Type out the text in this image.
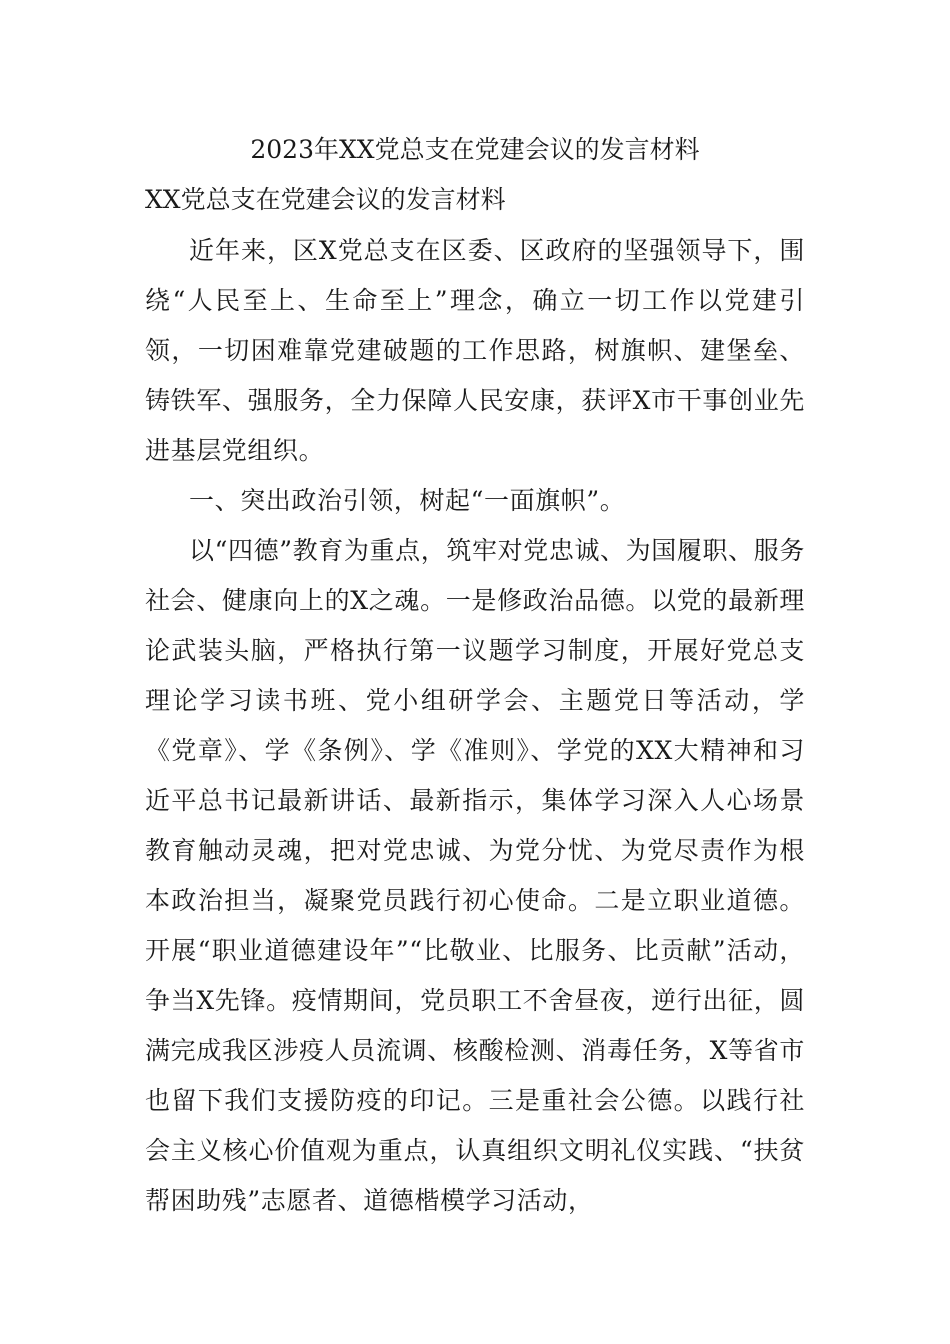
2023年XX党总支在党建会议的发言材料
XX党总支在党建会议的发言材料

近年来，区X党总支在区委、区政府的坚强领导下，围绕“人民至上、生命至上”理念，确立一切工作以党建引领，一切困难靠党建破题的工作思路，树旗帜、建堡垒、铸铁军、强服务，全力保障人民安康，获评X市干事创业先进基层党组织。

一、突出政治引领，树起“一面旗帜”。

以“四德”教育为重点，筑牢对党忠诚、为国履职、服务社会、健康向上的X之魂。一是修政治品德。以党的最新理论武装头脑，严格执行第一议题学习制度，开展好党总支理论学习读书班、党小组研学会、主题党日等活动，学《党章》、学《条例》、学《准则》、学党的XX大精神和习近平总书记最新讲话、最新指示，集体学习深入人心场景教育触动灵魂，把对党忠诚、为党分忧、为党尽责作为根本政治担当，凝聚党员践行初心使命。二是立职业道德。开展“职业道德建设年”“比敬业、比服务、比贡献”活动，争当X先锋。疫情期间，党员职工不舍昼夜，逆行出征，圆满完成我区涉疫人员流调、核酸检测、消毒任务，X等省市也留下我们支援防疫的印记。三是重社会公德。以践行社会主义核心价值观为重点，认真组织文明礼仪实践、“扶贫帮困助残”志愿者、道德楷模学习活动，
